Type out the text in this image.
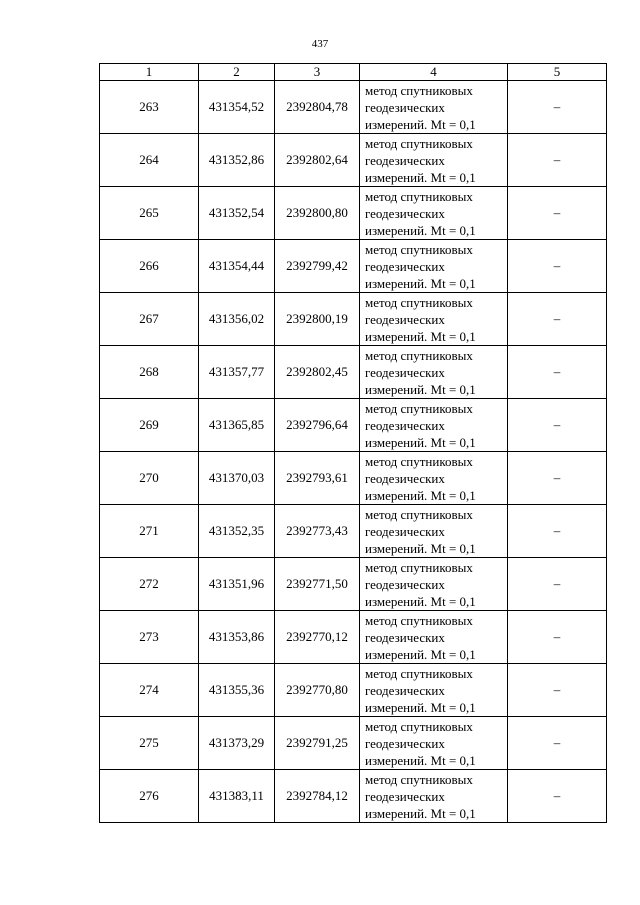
437
1	2	3	4	5
263	431354,52	2392804,78	метод спутниковых
геодезических
измерений. Mt = 0,1	–
264	431352,86	2392802,64	метод спутниковых
геодезических
измерений. Mt = 0,1	–
265	431352,54	2392800,80	метод спутниковых
геодезических
измерений. Mt = 0,1	–
266	431354,44	2392799,42	метод спутниковых
геодезических
измерений. Mt = 0,1	–
267	431356,02	2392800,19	метод спутниковых
геодезических
измерений. Mt = 0,1	–
268	431357,77	2392802,45	метод спутниковых
геодезических
измерений. Mt = 0,1	–
269	431365,85	2392796,64	метод спутниковых
геодезических
измерений. Mt = 0,1	–
270	431370,03	2392793,61	метод спутниковых
геодезических
измерений. Mt = 0,1	–
271	431352,35	2392773,43	метод спутниковых
геодезических
измерений. Mt = 0,1	–
272	431351,96	2392771,50	метод спутниковых
геодезических
измерений. Mt = 0,1	–
273	431353,86	2392770,12	метод спутниковых
геодезических
измерений. Mt = 0,1	–
274	431355,36	2392770,80	метод спутниковых
геодезических
измерений. Mt = 0,1	–
275	431373,29	2392791,25	метод спутниковых
геодезических
измерений. Mt = 0,1	–
276	431383,11	2392784,12	метод спутниковых
геодезических
измерений. Mt = 0,1	–
